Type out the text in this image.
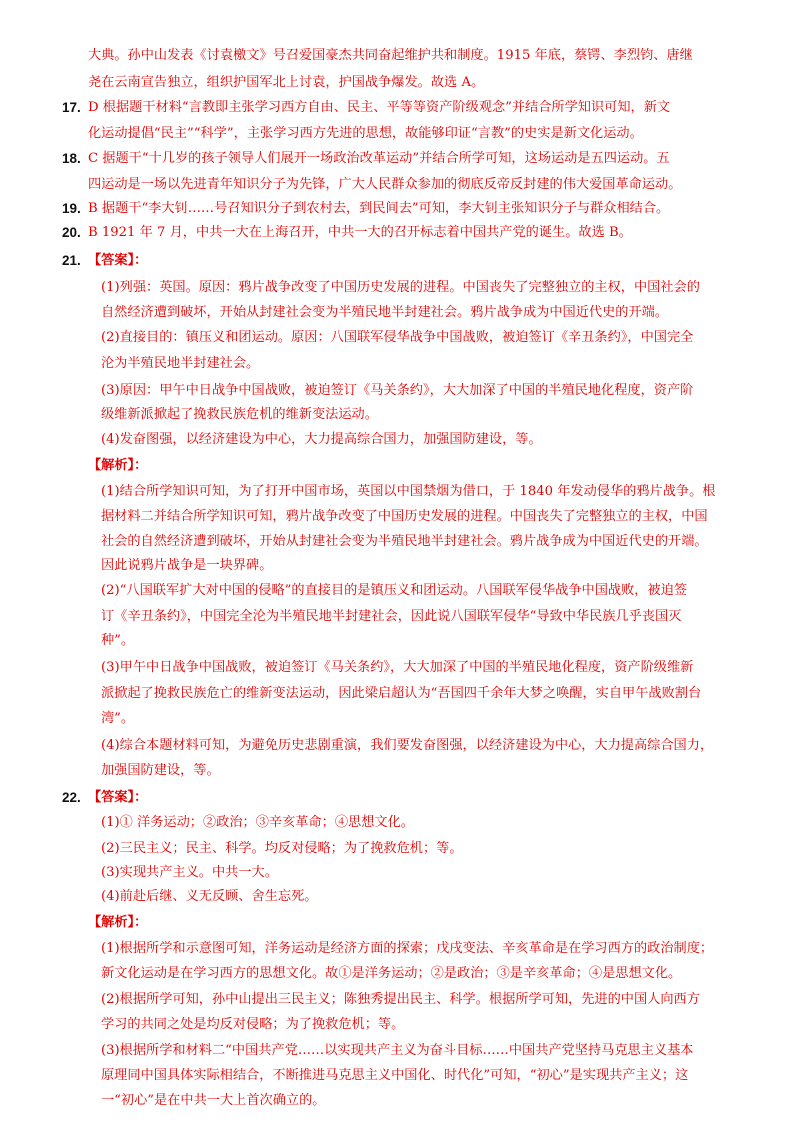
大典。孙中山发表《讨袁檄文》号召爱国豪杰共同奋起维护共和制度。1915 年底，蔡锷、李烈钧、唐继
尧在云南宣告独立，组织护国军北上讨袁，护国战争爆发。故选 A。
17. D 根据题干材料“言教即主张学习西方自由、民主、平等等资产阶级观念”并结合所学知识可知，新文
化运动提倡“民主”“科学”，主张学习西方先进的思想，故能够印证“言教”的史实是新文化运动。
18. C 据题干“十几岁的孩子领导人们展开一场政治改革运动”并结合所学可知，这场运动是五四运动。五
四运动是一场以先进青年知识分子为先锋，广大人民群众参加的彻底反帝反封建的伟大爱国革命运动。
19. B 据题干“李大钊……号召知识分子到农村去，到民间去”可知，李大钊主张知识分子与群众相结合。
20. B 1921 年 7 月，中共一大在上海召开，中共一大的召开标志着中国共产党的诞生。故选 B。
21. 【答案】：
(1)列强：英国。原因：鸦片战争改变了中国历史发展的进程。中国丧失了完整独立的主权，中国社会的
自然经济遭到破坏，开始从封建社会变为半殖民地半封建社会。鸦片战争成为中国近代史的开端。
(2)直接目的：镇压义和团运动。原因：八国联军侵华战争中国战败，被迫签订《辛丑条约》，中国完全
沦为半殖民地半封建社会。
(3)原因：甲午中日战争中国战败，被迫签订《马关条约》，大大加深了中国的半殖民地化程度，资产阶
级维新派掀起了挽救民族危机的维新变法运动。
(4)发奋图强，以经济建设为中心，大力提高综合国力，加强国防建设，等。
【解析】：
(1)结合所学知识可知，为了打开中国市场，英国以中国禁烟为借口，于 1840 年发动侵华的鸦片战争。根
据材料二并结合所学知识可知，鸦片战争改变了中国历史发展的进程。中国丧失了完整独立的主权，中国
社会的自然经济遭到破坏，开始从封建社会变为半殖民地半封建社会。鸦片战争成为中国近代史的开端。
因此说鸦片战争是一块界碑。
(2)“八国联军扩大对中国的侵略”的直接目的是镇压义和团运动。八国联军侵华战争中国战败，被迫签
订《辛丑条约》，中国完全沦为半殖民地半封建社会，因此说八国联军侵华“导致中华民族几乎丧国灭
种”。
(3)甲午中日战争中国战败，被迫签订《马关条约》，大大加深了中国的半殖民地化程度，资产阶级维新
派掀起了挽救民族危亡的维新变法运动，因此梁启超认为“吾国四千余年大梦之唤醒，实自甲午战败割台
湾”。
(4)综合本题材料可知，为避免历史悲剧重演，我们要发奋图强，以经济建设为中心，大力提高综合国力，
加强国防建设，等。
22. 【答案】：
(1)① 洋务运动；②政治；③辛亥革命；④思想文化。
(2)三民主义；民主、科学。均反对侵略；为了挽救危机；等。
(3)实现共产主义。中共一大。
(4)前赴后继、义无反顾、舍生忘死。
【解析】：
(1)根据所学和示意图可知，洋务运动是经济方面的探索；戊戌变法、辛亥革命是在学习西方的政治制度；
新文化运动是在学习西方的思想文化。故①是洋务运动；②是政治；③是辛亥革命；④是思想文化。
(2)根据所学可知，孙中山提出三民主义；陈独秀提出民主、科学。根据所学可知，先进的中国人向西方
学习的共同之处是均反对侵略；为了挽救危机；等。
(3)根据所学和材料二“中国共产党……以实现共产主义为奋斗目标……中国共产党坚持马克思主义基本
原理同中国具体实际相结合，不断推进马克思主义中国化、时代化”可知，“初心”是实现共产主义；这
一“初心”是在中共一大上首次确立的。
